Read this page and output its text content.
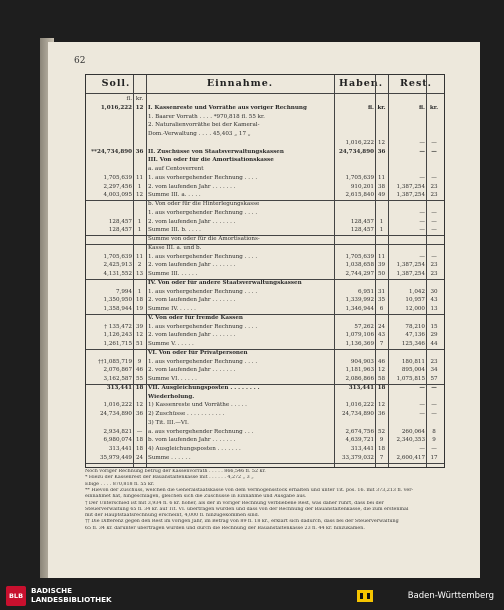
62
Soll.	Einnahme.	Haben.	Rest.
fl. kr.
1,016,222 12 I. Kassenreste und Vorräthe aus voriger Rechnung	fl. kr.	fl. kr.
1. Baarer Vorrath . . . . *970,818 fl. 55 kr.
2. Naturalienvorräthe bei der Kameral-
Dom.-Verwaltung . . . . 45,403 „ 17 „
1,016,222 12	—	—
**24,734,890 36 II. Zuschüsse von Staatsverwaltungskassen	24,734,890 36	—	—
III. Von oder für die Amortisationskasse
a. auf Centoverrent
1,705,639 11 1. aus vorhergehender Rechnung . . . .	1,705,639 11	—	—
2,297,456	1	2. vom laufenden Jahr . . . . . . .	910,201 38	1,387,254 23
4,003,095 12 Summe III. a. . . . .	2,615,840 49	1,387,254 23
b. Von oder für die Hinterlegungskasse
1. aus vorhergehender Rechnung . . . .	—	—
128,457	1	2. vom laufenden Jahr . . . . . . .	128,457	1	—	—
128,457	1	Summe III. b. . . . .	128,457	1	—	—
Summe von oder für die Amortisations-
Kasse III. a. und b.
1,705,639 11 1. aus vorhergehender Rechnung . . . .	1,705,639 11	—	—
2,425,913	2	2. vom laufenden Jahr . . . . . . .	1,038,658 39	1,387,254 23
4,131,552 13 Summe III. . . . . .	2,744,297 50	1,387,254 23
IV. Von oder für andere Staatsverwaltungskassen
7,994	1	1. aus vorhergehender Rechnung . . . .	6,951 31	1,042 30
1,350,950 18 2. vom laufenden Jahr . . . . . . .	1,339,992 35	10,957 43
1,358,944 19 Summe IV. . . . . .	1,346,944	6	12,000 13
V. Von oder für fremde Kassen
† 135,472 39 1. aus vorhergehender Rechnung . . . .	57,262 24	78,210 15
1,126,243 12 2. vom laufenden Jahr . . . . . . .	1,079,106 43	47,136 29
1,261,715 51 Summe V. . . . . .	1,136,369	7	125,346 44
VI. Von oder für Privatpersonen
††1,085,719	9	1. aus vorhergehender Rechnung . . . .	904,903 46	180,811 23
2,076,867 46 2. vom laufenden Jahr . . . . . . .	1,181,963 12	895,004 34
3,162,587 55 Summe VI. . . . . .	2,086,866 58	1,075,815 57
313,441 18 VII. Ausgleichungsposten . . . . . . . .	313,441 18	—	—
Wiederholung.
1,016,222 12 1) Kassenreste und Vorräthe . . . . .	1,016,222 12	—	—
24,734,890 36 2) Zuschüsse . . . . . . . . . . .	24,734,890 36	—	—
3) Tit. III.—VI.
2,934,821 —	a. aus vorhergehender Rechnung . . .	2,674,756 52	260,064	8
6,980,074 18 b. vom laufenden Jahr . . . . . . .	4,639,721	9	2,340,353	9
313,441 18 4) Ausgleichungsposten . . . . . . .	313,441 18	—	—
35,979,449 24 Summe . . . . . .	33,379,032	7	2,600,417 17
Noch voriger Rechnung betrug der Kassenvorrath . . . . . 866,546 fl. 52 kr.
* Hiezu der Kassenrest der Bauanstaltenkasse mit . . . . . . 4,272 „ 3 „
Ebige . . . . 870,818 fl. 55 kr.
** Hievon der Zuschuss, welchen die Generalstaatskasse von dem Vermögensstock erhalten und unter Tit. pos. 16. mit 373,213 fl. ver-
einnahmet hat, hingeschlagen, gleichen sich die Zuschüsse in Einnahme und Ausgabe aus.
† Der Unterschied ist mit 3,934 fl. 6 kr. hoher, als der in voriger Rechnung verbliebene Rest, was daher rührt, dass bei der
Steuerverwaltung 65 fl. 34 kr. auf Tit. VI. übertragen wurden und dass von der Rechnung der Bauanstaltenkasse, die zum erstenmal
mit der Hauptstaatsrechnung erscheint, 4,000 fl. hinzugekommen sind.
†† Die Differenz gegen den Rest im vorigen Jahr, im Betrag von 89 fl. 18 kr., erklärt sich dadurch, dass bei der Steuerverwaltung
65 fl. 34 kr. darunter übertragen wurden und durch die Rechnung der Bauanstaltenkasse 23 fl. 44 kr. hinzukamen.
BLB
BADISCHE
LANDESBIBLIOTHEK	Baden-Württemberg
